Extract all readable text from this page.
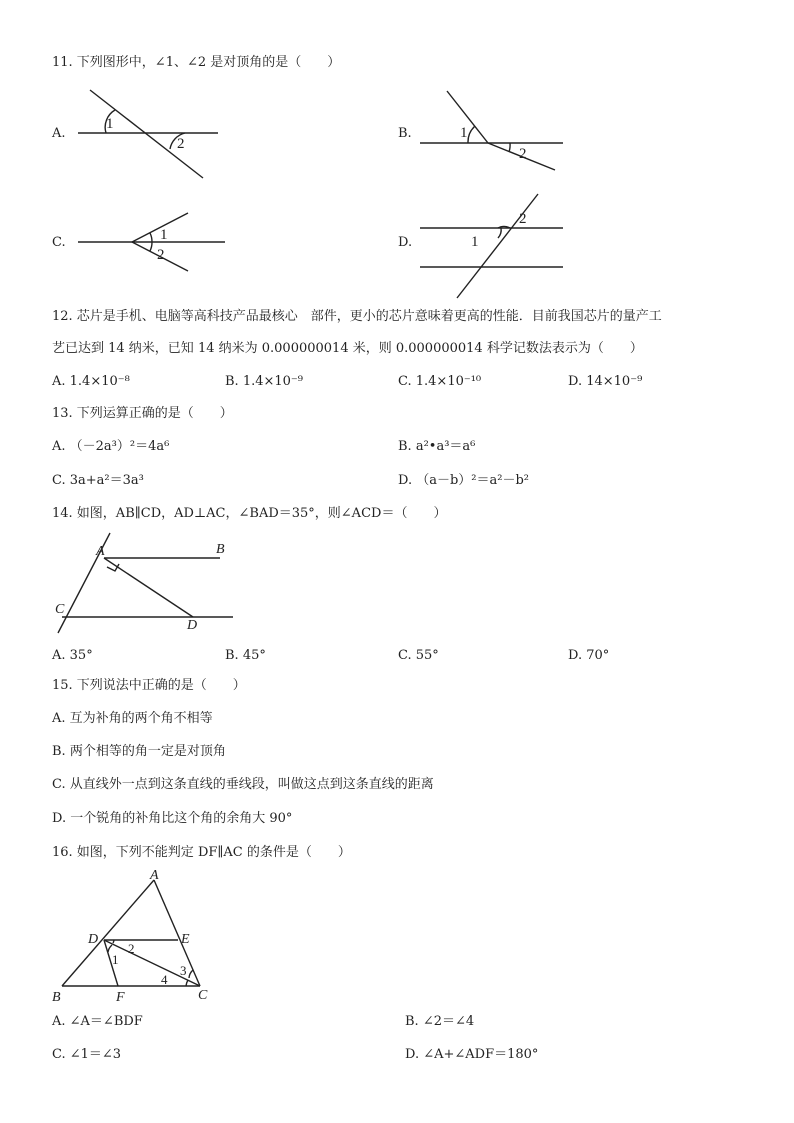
11. 下列图形中，∠1、∠2 是对顶角的是（　　）
A.
1
2
B.	1
2
C.	1
2
D.
2
1
12. 芯片是手机、电脑等高科技产品最核心　部件，更小的芯片意味着更高的性能．目前我国芯片的量产工
艺已达到 14 纳米，已知 14 纳米为 0.000000014 米，则 0.000000014 科学记数法表示为（　　）
A. 1.4×10⁻⁸	B. 1.4×10⁻⁹	C. 1.4×10⁻¹⁰	D. 14×10⁻⁹
13. 下列运算正确的是（　　）
A. （－2a³）²＝4a⁶	B. a²•a³＝a⁶
C. 3a+a²＝3a³	D. （a－b）²＝a²－b²
14. 如图，AB∥CD，AD⊥AC，∠BAD＝35°，则∠ACD＝（　　）
A	B
C
D
A. 35°	B. 45°	C. 55°	D. 70°
15. 下列说法中正确的是（　　）
A. 互为补角的两个角不相等
B. 两个相等的角一定是对顶角
C. 从直线外一点到这条直线的垂线段，叫做这点到这条直线的距离
D. 一个锐角的补角比这个角的余角大 90°
16. 如图，下列不能判定 DF∥AC 的条件是（　　）
A
D	E
B	F	C
2
1
3
4
A. ∠A＝∠BDF	B. ∠2＝∠4
C. ∠1＝∠3	D. ∠A+∠ADF＝180°
